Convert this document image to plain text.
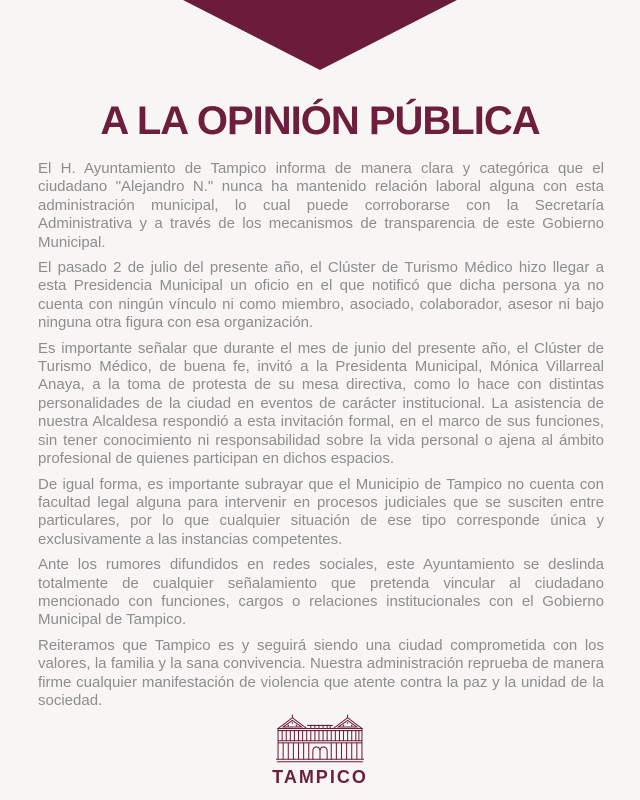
A LA OPINIÓN PÚBLICA

El H. Ayuntamiento de Tampico informa de manera clara y categórica que el ciudadano "Alejandro N." nunca ha mantenido relación laboral alguna con esta administración municipal, lo cual puede corroborarse con la Secretaría Administrativa y a través de los mecanismos de transparencia de este Gobierno Municipal.

El pasado 2 de julio del presente año, el Clúster de Turismo Médico hizo llegar a esta Presidencia Municipal un oficio en el que notificó que dicha persona ya no cuenta con ningún vínculo ni como miembro, asociado, colaborador, asesor ni bajo ninguna otra figura con esa organización.

Es importante señalar que durante el mes de junio del presente año, el Clúster de Turismo Médico, de buena fe, invitó a la Presidenta Municipal, Mónica Villarreal Anaya, a la toma de protesta de su mesa directiva, como lo hace con distintas personalidades de la ciudad en eventos de carácter institucional. La asistencia de nuestra Alcaldesa respondió a esta invitación formal, en el marco de sus funciones, sin tener conocimiento ni responsabilidad sobre la vida personal o ajena al ámbito profesional de quienes participan en dichos espacios.

De igual forma, es importante subrayar que el Municipio de Tampico no cuenta con facultad legal alguna para intervenir en procesos judiciales que se susciten entre particulares, por lo que cualquier situación de ese tipo corresponde única y exclusivamente a las instancias competentes.

Ante los rumores difundidos en redes sociales, este Ayuntamiento se deslinda totalmente de cualquier señalamiento que pretenda vincular al ciudadano mencionado con funciones, cargos o relaciones institucionales con el Gobierno Municipal de Tampico.

Reiteramos que Tampico es y seguirá siendo una ciudad comprometida con los valores, la familia y la sana convivencia. Nuestra administración reprueba de manera firme cualquier manifestación de violencia que atente contra la paz y la unidad de la sociedad.

TAMPICO
